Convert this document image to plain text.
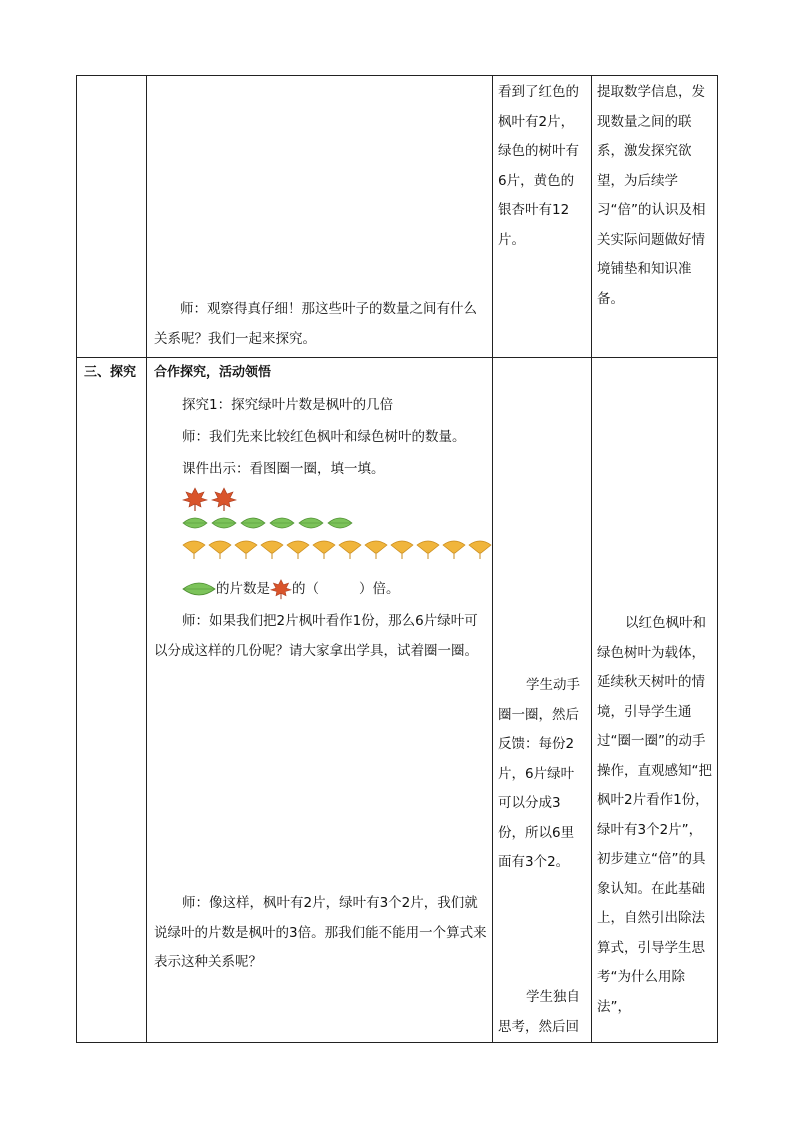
看到了红色的枫叶有2片，绿色的树叶有6片，黄色的银杏叶有12片。
提取数学信息，发现数量之间的联系，激发探究欲望，为后续学习“倍”的认识及相关实际问题做好情境铺垫和知识准备。
师：观察得真仔细！那这些叶子的数量之间有什么关系呢？我们一起来探究。
三、探究 合作探究，活动领悟
探究1：探究绿叶片数是枫叶的几倍
师：我们先来比较红色枫叶和绿色树叶的数量。
课件出示：看图圈一圈，填一填。
的片数是 的（	）倍。
师：如果我们把2片枫叶看作1份，那么6片绿叶可以分成这样的几份呢？请大家拿出学具，试着圈一圈。
师：像这样，枫叶有2片，绿叶有3个2片，我们就说绿叶的片数是枫叶的3倍。那我们能不能用一个算式来表示这种关系呢？
学生动手圈一圈，然后反馈：每份2片，6片绿叶可以分成3份，所以6里面有3个2。
学生独自思考，然后回
以红色枫叶和绿色树叶为载体，延续秋天树叶的情境，引导学生通过“圈一圈”的动手操作，直观感知“把枫叶2片看作1份，绿叶有3个2片”，初步建立“倍”的具象认知。在此基础上，自然引出除法算式，引导学生思考“为什么用除法”，
